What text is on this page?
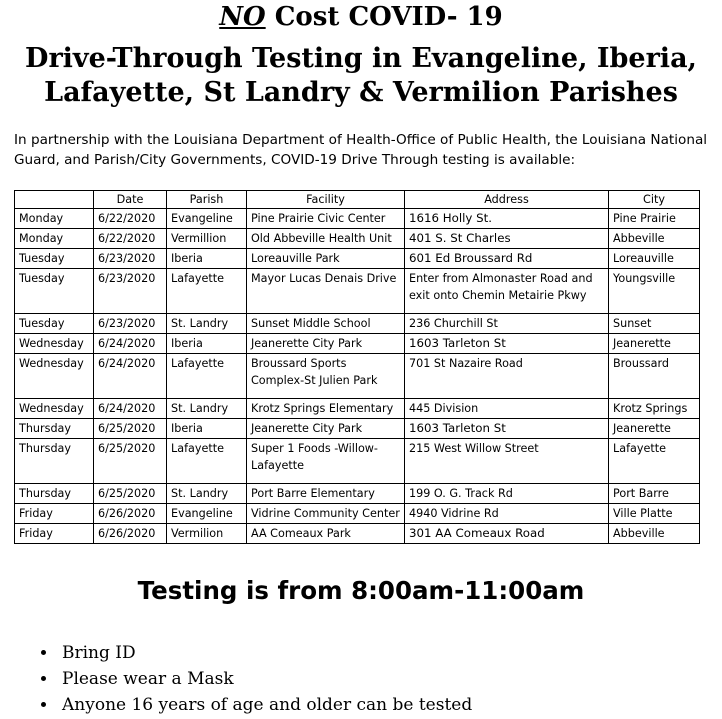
NO Cost COVID- 19
Drive-Through Testing in Evangeline, Iberia,
Lafayette, St Landry & Vermilion Parishes
In partnership with the Louisiana Department of Health-Office of Public Health, the Louisiana National Guard, and Parish/City Governments, COVID-19 Drive Through testing is available:
	Date	Parish	Facility	Address	City
Monday	6/22/2020	Evangeline	Pine Prairie Civic Center	1616 Holly St.	Pine Prairie
Monday	6/22/2020	Vermillion	Old Abbeville Health Unit	401 S. St Charles	Abbeville
Tuesday	6/23/2020	Iberia	Loreauville Park	601 Ed Broussard Rd	Loreauville
Tuesday	6/23/2020	Lafayette	Mayor Lucas Denais Drive	Enter from Almonaster Road and exit onto Chemin Metairie Pkwy	Youngsville
Tuesday	6/23/2020	St. Landry	Sunset Middle School	236 Churchill St	Sunset
Wednesday	6/24/2020	Iberia	Jeanerette City Park	1603 Tarleton St	Jeanerette
Wednesday	6/24/2020	Lafayette	Broussard Sports Complex-St Julien Park	701 St Nazaire Road	Broussard
Wednesday	6/24/2020	St. Landry	Krotz Springs Elementary	445 Division	Krotz Springs
Thursday	6/25/2020	Iberia	Jeanerette City Park	1603 Tarleton St	Jeanerette
Thursday	6/25/2020	Lafayette	Super 1 Foods -Willow-Lafayette	215 West Willow Street	Lafayette
Thursday	6/25/2020	St. Landry	Port Barre Elementary	199 O. G. Track Rd	Port Barre
Friday	6/26/2020	Evangeline	Vidrine Community Center	4940 Vidrine Rd	Ville Platte
Friday	6/26/2020	Vermilion	AA Comeaux Park	301 AA Comeaux Road	Abbeville
Testing is from 8:00am-11:00am
• Bring ID
• Please wear a Mask
• Anyone 16 years of age and older can be tested
